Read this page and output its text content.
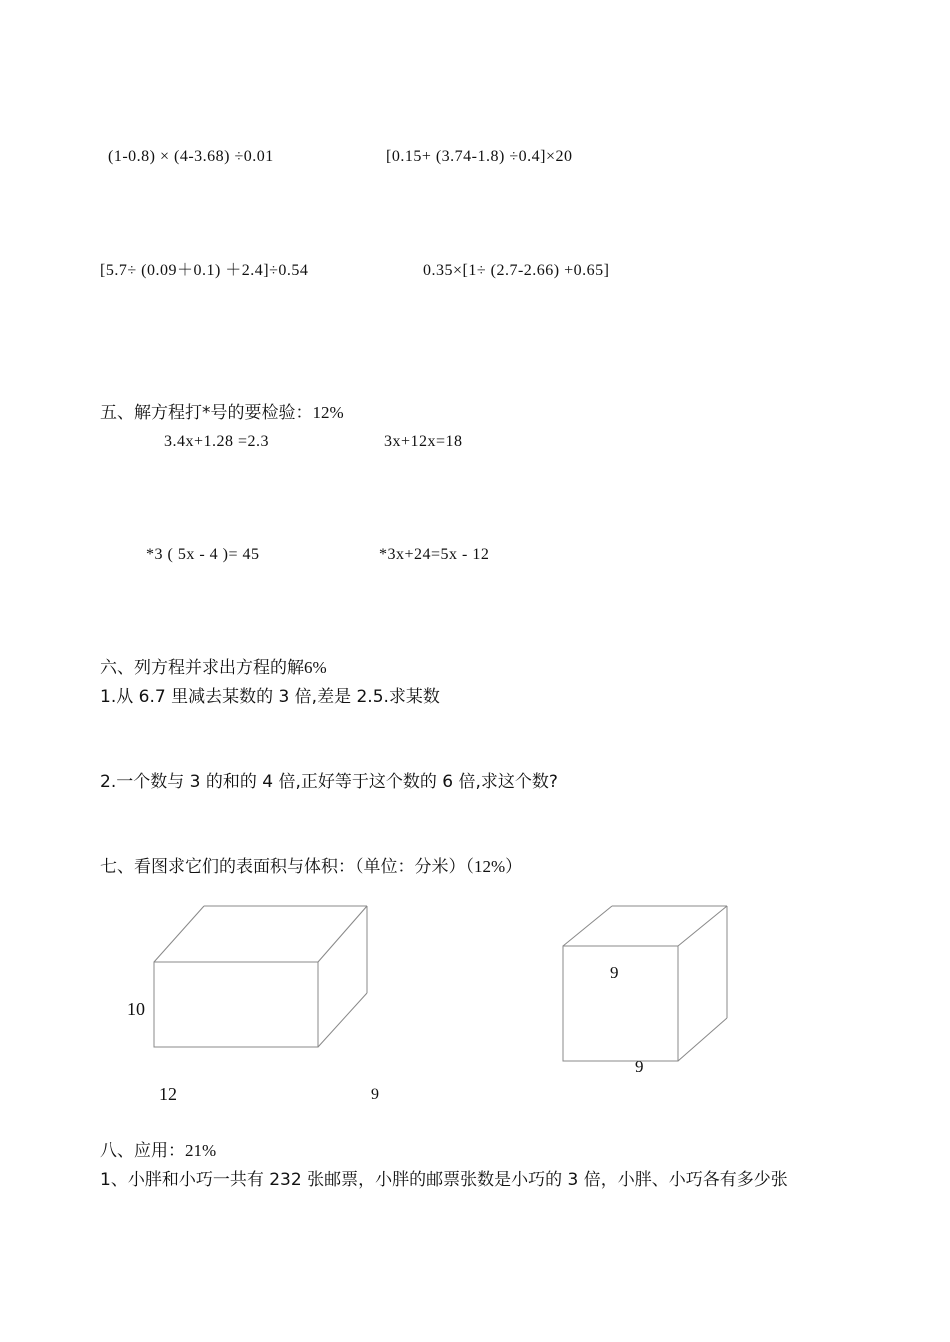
(1-0.8) × (4-3.68) ÷0.01	[0.15+ (3.74-1.8) ÷0.4]×20
[5.7÷ (0.09＋0.1) ＋2.4]÷0.54	0.35×[1÷ (2.7-2.66) +0.65]
五、解方程打*号的要检验：12%
3.4x+1.28 =2.3	3x+12x=18
*3 ( 5x - 4 )= 45	*3x+24=5x - 12
六、列方程并求出方程的解6%
1.从 6.7 里减去某数的 3 倍,差是 2.5.求某数
2.一个数与 3 的和的 4 倍,正好等于这个数的 6 倍,求这个数?
七、看图求它们的表面积与体积：（单位：分米）（12%）
10
12	9
9
9
八、应用：21%
1、小胖和小巧一共有 232 张邮票，小胖的邮票张数是小巧的 3 倍，小胖、小巧各有多少张
